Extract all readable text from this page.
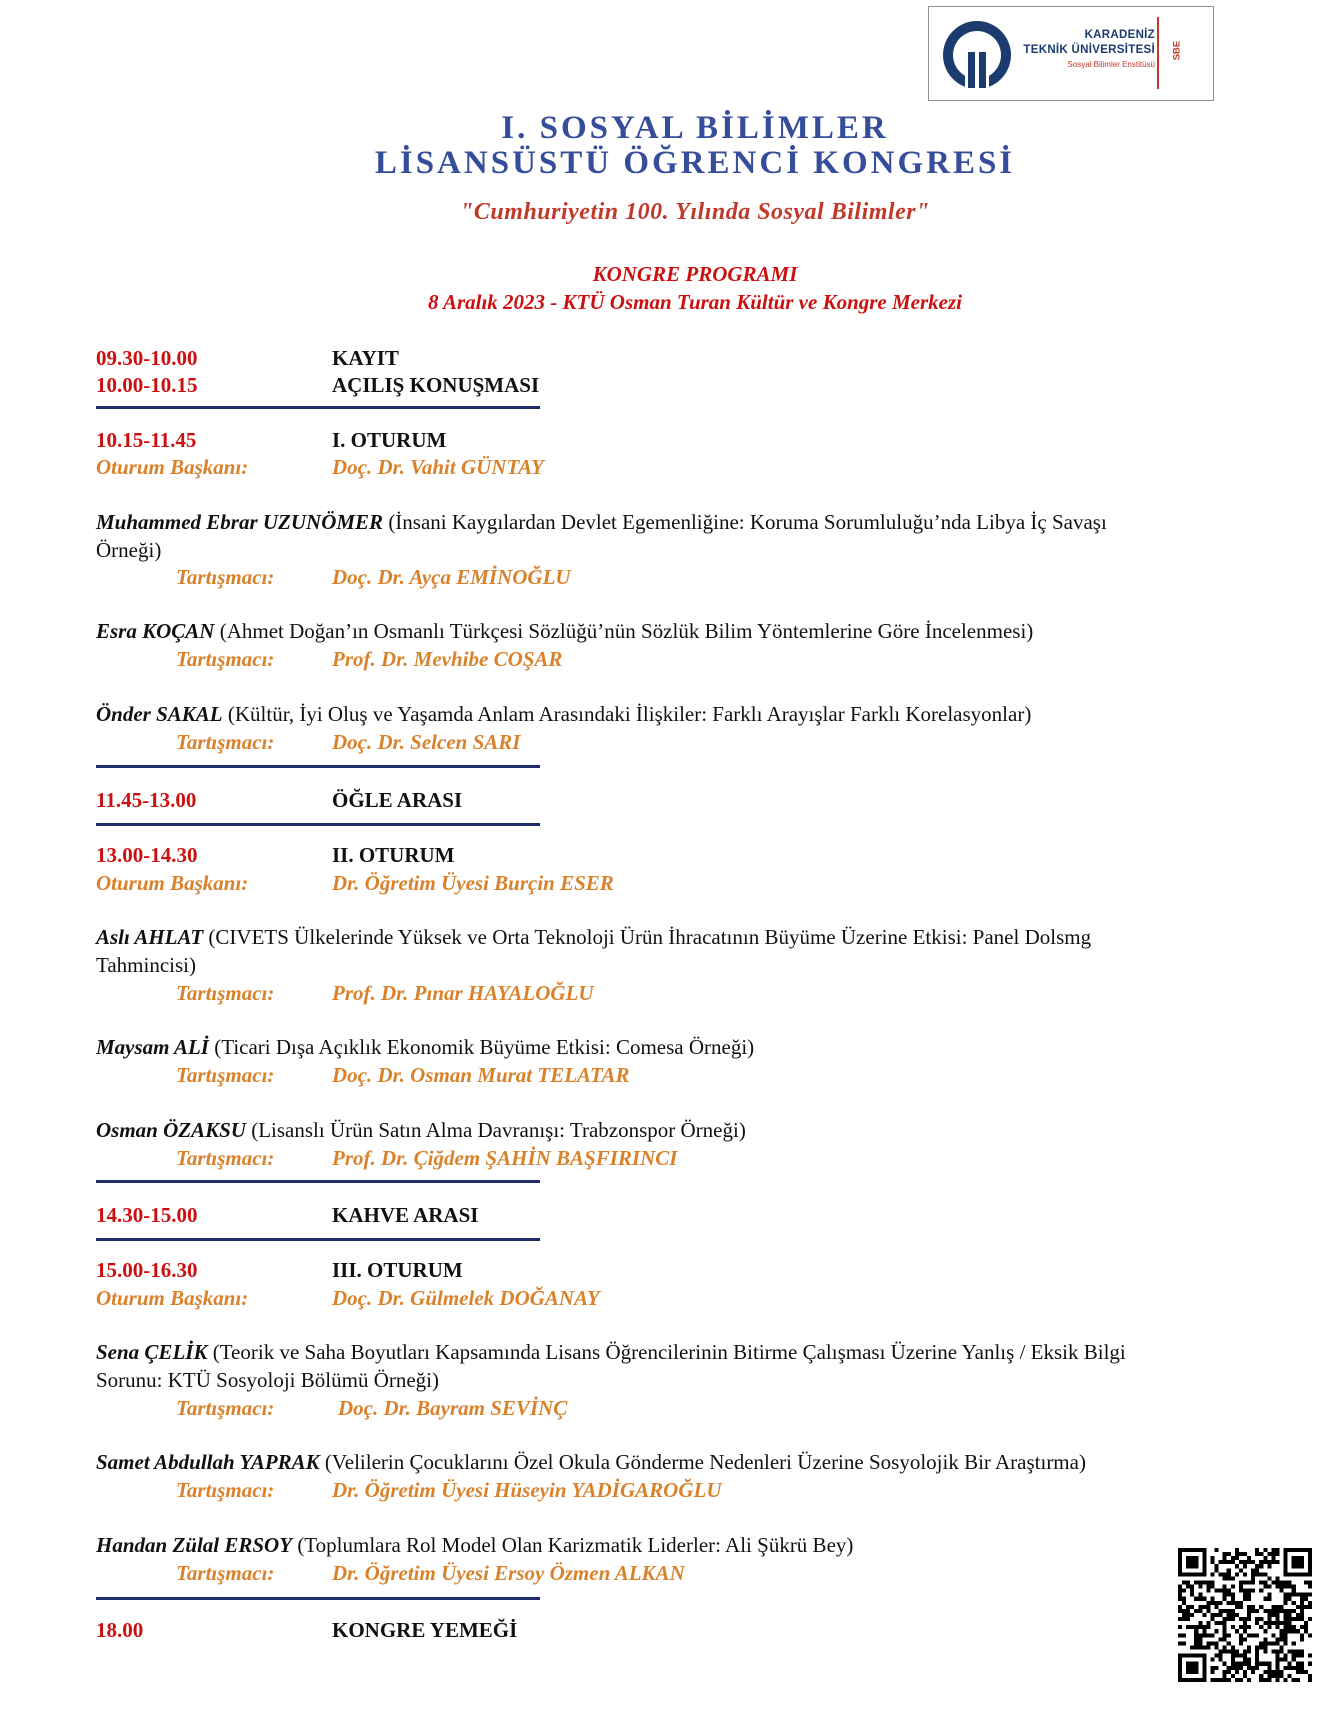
KARADENİZ
TEKNİK ÜNİVERSİTESİ
Sosyal Bilimler Enstitüsü
SBE
I. SOSYAL BİLİMLER
LİSANSÜSTÜ ÖĞRENCİ KONGRESİ
"Cumhuriyetin 100. Yılında Sosyal Bilimler"
KONGRE PROGRAMI
8 Aralık 2023 - KTÜ Osman Turan Kültür ve Kongre Merkezi
09.30-10.00	KAYIT
10.00-10.15	AÇILIŞ KONUŞMASI
10.15-11.45	I. OTURUM
Oturum Başkanı:	Doç. Dr. Vahit GÜNTAY
Muhammed Ebrar UZUNÖMER (İnsani Kaygılardan Devlet Egemenliğine: Koruma Sorumluluğu’nda Libya İç Savaşı
Örneği)
Tartışmacı:	Doç. Dr. Ayça EMİNOĞLU
Esra KOÇAN (Ahmet Doğan’ın Osmanlı Türkçesi Sözlüğü’nün Sözlük Bilim Yöntemlerine Göre İncelenmesi)
Tartışmacı:	Prof. Dr. Mevhibe COŞAR
Önder SAKAL (Kültür, İyi Oluş ve Yaşamda Anlam Arasındaki İlişkiler: Farklı Arayışlar Farklı Korelasyonlar)
Tartışmacı:	Doç. Dr. Selcen SARI
11.45-13.00	ÖĞLE ARASI
13.00-14.30	II. OTURUM
Oturum Başkanı:	Dr. Öğretim Üyesi Burçin ESER
Aslı AHLAT (CIVETS Ülkelerinde Yüksek ve Orta Teknoloji Ürün İhracatının Büyüme Üzerine Etkisi: Panel Dolsmg
Tahmincisi)
Tartışmacı:	Prof. Dr. Pınar HAYALOĞLU
Maysam ALİ (Ticari Dışa Açıklık Ekonomik Büyüme Etkisi: Comesa Örneği)
Tartışmacı:	Doç. Dr. Osman Murat TELATAR
Osman ÖZAKSU (Lisanslı Ürün Satın Alma Davranışı: Trabzonspor Örneği)
Tartışmacı:	Prof. Dr. Çiğdem ŞAHİN BAŞFIRINCI
14.30-15.00	KAHVE ARASI
15.00-16.30	III. OTURUM
Oturum Başkanı:	Doç. Dr. Gülmelek DOĞANAY
Sena ÇELİK (Teorik ve Saha Boyutları Kapsamında Lisans Öğrencilerinin Bitirme Çalışması Üzerine Yanlış / Eksik Bilgi
Sorunu: KTÜ Sosyoloji Bölümü Örneği)
Tartışmacı:	Doç. Dr. Bayram SEVİNÇ
Samet Abdullah YAPRAK (Velilerin Çocuklarını Özel Okula Gönderme Nedenleri Üzerine Sosyolojik Bir Araştırma)
Tartışmacı:	Dr. Öğretim Üyesi Hüseyin YADİGAROĞLU
Handan Zülal ERSOY (Toplumlara Rol Model Olan Karizmatik Liderler: Ali Şükrü Bey)
Tartışmacı:	Dr. Öğretim Üyesi Ersoy Özmen ALKAN
18.00	KONGRE YEMEĞİ
